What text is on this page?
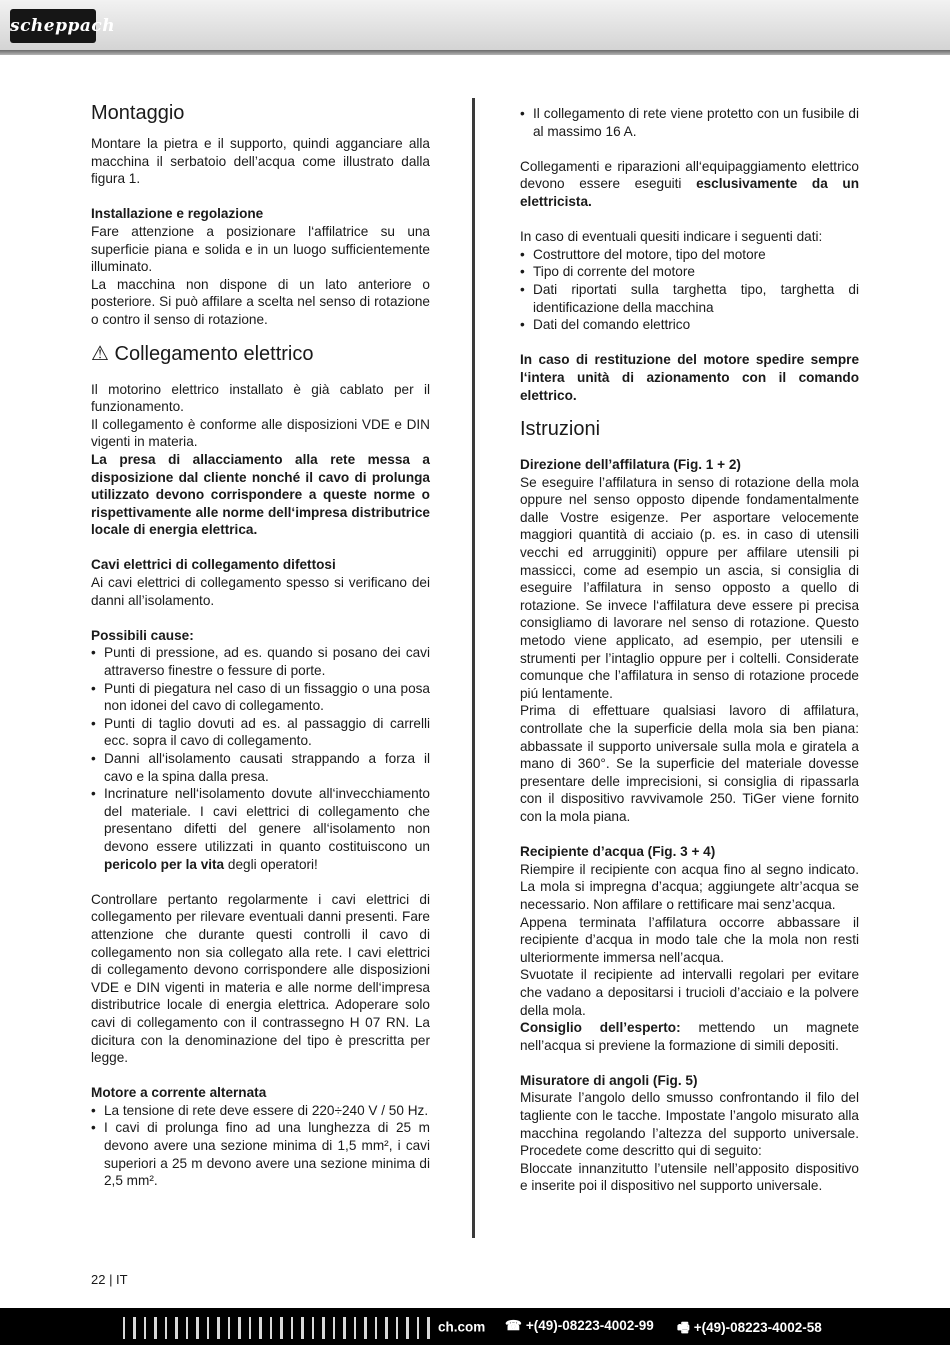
scheppach
Montaggio

Montare la pietra e il supporto, quindi agganciare alla macchina il serbatoio dell’acqua come illustrato dalla figura 1.

Installazione e regolazione

Fare attenzione a posizionare l‘affilatrice su una superficie piana e solida e in un luogo sufficientemente illuminato.

La macchina non dispone di un lato anteriore o posteriore. Si può affilare a scelta nel senso di rotazione o contro il senso di rotazione.

⚠ Collegamento elettrico

Il motorino elettrico installato è già cablato per il funzionamento.

Il collegamento è conforme alle disposizioni VDE e DIN vigenti in materia.

La presa di allacciamento alla rete messa a disposizione dal cliente nonché il cavo di prolunga utilizzato devono corrispondere a queste norme o rispettivamente alle norme dell‘impresa distributrice locale di energia elettrica.

Cavi elettrici di collegamento difettosi

Ai cavi elettrici di collegamento spesso si verificano dei danni all’isolamento.

Possibili cause:

• Punti di pressione, ad es. quando si posano dei cavi attraverso finestre o fessure di porte.
• Punti di piegatura nel caso di un fissaggio o una posa non idonei del cavo di collegamento.
• Punti di taglio dovuti ad es. al passaggio di carrelli ecc. sopra il cavo di collegamento.
• Danni all‘isolamento causati strappando a forza il cavo e la spina dalla presa.
• Incrinature nell‘isolamento dovute all‘invecchiamento del materiale. I cavi elettrici di collegamento che presentano difetti del genere all‘isolamento non devono essere utilizzati in quanto costituiscono un pericolo per la vita degli operatori!

Controllare pertanto regolarmente i cavi elettrici di collegamento per rilevare eventuali danni presenti. Fare attenzione che durante questi controlli il cavo di collegamento non sia collegato alla rete. I cavi elettrici di collegamento devono corrispondere alle disposizioni VDE e DIN vigenti in materia e alle norme dell‘impresa distributrice locale di energia elettrica. Adoperare solo cavi di collegamento con il contrassegno H 07 RN. La dicitura con la denominazione del tipo è prescritta per legge.

Motore a corrente alternata

• La tensione di rete deve essere di 220÷240 V / 50 Hz.
• I cavi di prolunga fino ad una lunghezza di 25 m devono avere una sezione minima di 1,5 mm², i cavi superiori a 25 m devono avere una sezione minima di 2,5 mm².
• Il collegamento di rete viene protetto con un fusibile di al massimo 16 A.

Collegamenti e riparazioni all‘equipaggiamento elettrico devono essere eseguiti esclusivamente da un elettricista.

In caso di eventuali quesiti indicare i seguenti dati:

• Costruttore del motore, tipo del motore
• Tipo di corrente del motore
• Dati riportati sulla targhetta tipo, targhetta di identificazione della macchina
• Dati del comando elettrico

In caso di restituzione del motore spedire sempre l‘intera unità di azionamento con il comando elettrico.

Istruzioni

Direzione dell’affilatura (Fig. 1 + 2)

Se eseguire l’affilatura in senso di rotazione della mola oppure nel senso opposto dipende fondamentalmente dalle Vostre esigenze. Per asportare velocemente maggiori quantità di acciaio (p. es. in caso di utensili vecchi ed arrugginiti) oppure per affilare utensili pi massicci, come ad esempio un ascia, si consiglia di eseguire l’affilatura in senso opposto a quello di rotazione. Se invece l‘affilatura deve essere pi precisa consigliamo di lavorare nel senso di rotazione. Questo metodo viene applicato, ad esempio, per utensili e strumenti per l’intaglio oppure per i coltelli. Considerate comunque che l’affilatura in senso di rotazione procede piú lentamente.

Prima di effettuare qualsiasi lavoro di affilatura, controllate che la superficie della mola sia ben piana: abbassate il supporto universale sulla mola e giratela a mano di 360°. Se la superficie del materiale dovesse presentare delle imprecisioni, si consiglia di ripassarla con il dispositivo ravvivamole 250. TiGer viene fornito con la mola piana.

Recipiente d’acqua (Fig. 3 + 4)

Riempire il recipiente con acqua fino al segno indicato. La mola si impregna d’acqua; aggiungete altr’acqua se necessario. Non affilare o rettificare mai senz’acqua.

Appena terminata l’affilatura occorre abbassare il recipiente d’acqua in modo tale che la mola non resti ulteriormente immersa nell’acqua.

Svuotate il recipiente ad intervalli regolari per evitare che vadano a depositarsi i trucioli d’acciaio e la polvere della mola.

Consiglio dell’esperto: mettendo un magnete nell’acqua si previene la formazione di simili depositi.

Misuratore di angoli (Fig. 5)

Misurate l’angolo dello smusso confrontando il filo del tagliente con le tacche. Impostate l’angolo misurato alla macchina regolando l’altezza del supporto universale. Procedete come descritto qui di seguito:

Bloccate innanzitutto l’utensile nell’apposito dispositivo e inserite poi il dispositivo nel supporto universale.

22 | IT
ch.com	☎ +(49)-08223-4002-99 🖷 +(49)-08223-4002-58
